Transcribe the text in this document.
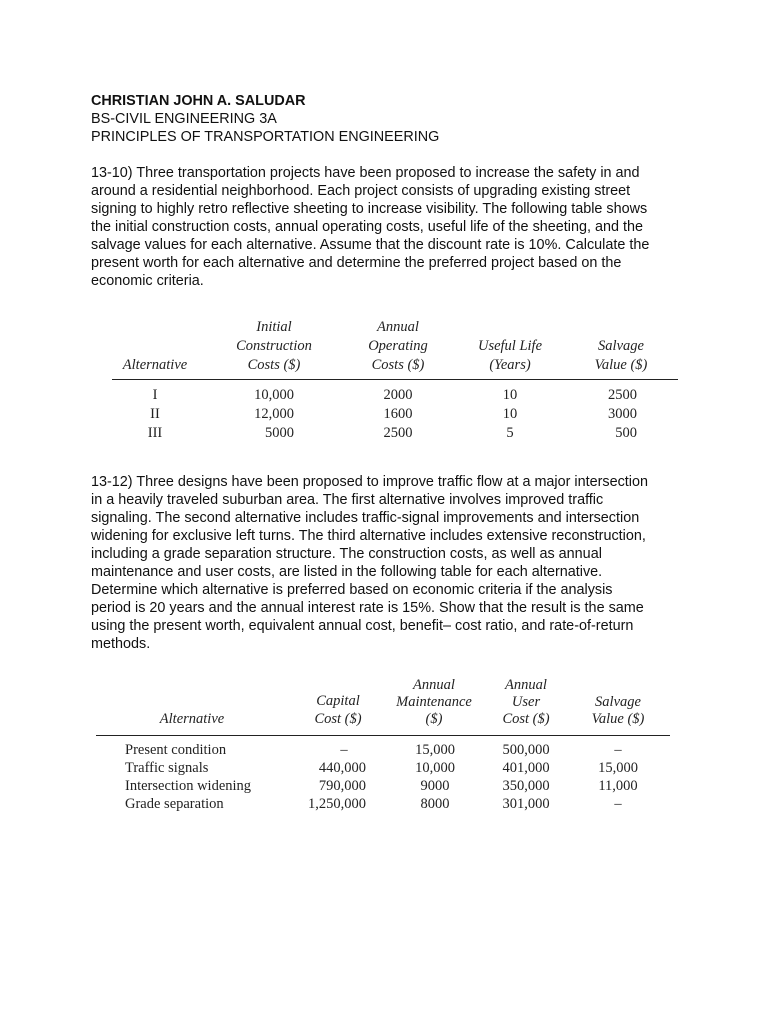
CHRISTIAN JOHN A. SALUDAR
BS-CIVIL ENGINEERING 3A
PRINCIPLES OF TRANSPORTATION ENGINEERING
13-10) Three transportation projects have been proposed to increase the safety in and
around a residential neighborhood. Each project consists of upgrading existing street
signing to highly retro reflective sheeting to increase visibility. The following table shows
the initial construction costs, annual operating costs, useful life of the sheeting, and the
salvage values for each alternative. Assume that the discount rate is 10%. Calculate the
present worth for each alternative and determine the preferred project based on the
economic criteria.
Alternative
Initial
Construction
Costs ($)
Annual
Operating
Costs ($)
Useful Life
(Years)
Salvage
Value ($)
I
II
III
10,000
12,000
5000
2000
1600
2500
10
10
5
2500
3000
500
13-12) Three designs have been proposed to improve traffic flow at a major intersection
in a heavily traveled suburban area. The first alternative involves improved traffic
signaling. The second alternative includes traffic-signal improvements and intersection
widening for exclusive left turns. The third alternative includes extensive reconstruction,
including a grade separation structure. The construction costs, as well as annual
maintenance and user costs, are listed in the following table for each alternative.
Determine which alternative is preferred based on economic criteria if the analysis
period is 20 years and the annual interest rate is 15%. Show that the result is the same
using the present worth, equivalent annual cost, benefit– cost ratio, and rate-of-return
methods.
Alternative
Capital
Cost ($)
Annual
Maintenance
($)
Annual
User
Cost ($)
Salvage
Value ($)
Present condition
Traffic signals
Intersection widening
Grade separation
–
440,000
790,000
1,250,000
15,000
10,000
9000
8000
500,000
401,000
350,000
301,000
–
15,000
11,000
–
